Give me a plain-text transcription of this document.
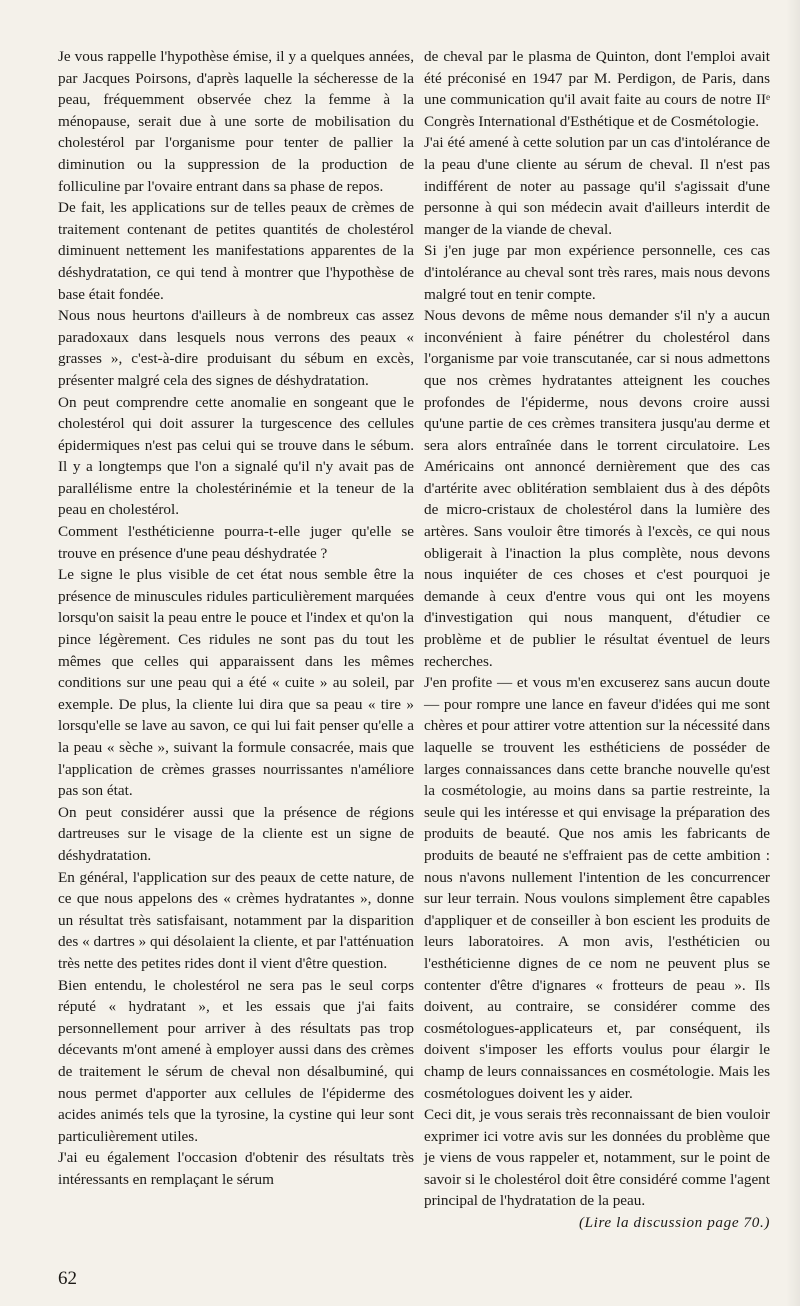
Je vous rappelle l'hypothèse émise, il y a quelques années, par Jacques Poirsons, d'après laquelle la sécheresse de la peau, fréquemment observée chez la femme à la ménopause, serait due à une sorte de mobilisation du cholestérol par l'organisme pour tenter de pallier la diminution ou la suppression de la production de folliculine par l'ovaire entrant dans sa phase de repos.

De fait, les applications sur de telles peaux de crèmes de traitement contenant de petites quantités de cholestérol diminuent nettement les manifestations apparentes de la déshydratation, ce qui tend à montrer que l'hypothèse de base était fondée.

Nous nous heurtons d'ailleurs à de nombreux cas assez paradoxaux dans lesquels nous verrons des peaux « grasses », c'est-à-dire produisant du sébum en excès, présenter malgré cela des signes de déshydratation.

On peut comprendre cette anomalie en songeant que le cholestérol qui doit assurer la turgescence des cellules épidermiques n'est pas celui qui se trouve dans le sébum. Il y a longtemps que l'on a signalé qu'il n'y avait pas de parallélisme entre la cholestérinémie et la teneur de la peau en cholestérol.

Comment l'esthéticienne pourra-t-elle juger qu'elle se trouve en présence d'une peau déshydratée ?

Le signe le plus visible de cet état nous semble être la présence de minuscules ridules particulièrement marquées lorsqu'on saisit la peau entre le pouce et l'index et qu'on la pince légèrement. Ces ridules ne sont pas du tout les mêmes que celles qui apparaissent dans les mêmes conditions sur une peau qui a été « cuite » au soleil, par exemple. De plus, la cliente lui dira que sa peau « tire » lorsqu'elle se lave au savon, ce qui lui fait penser qu'elle a la peau « sèche », suivant la formule consacrée, mais que l'application de crèmes grasses nourrissantes n'améliore pas son état.

On peut considérer aussi que la présence de régions dartreuses sur le visage de la cliente est un signe de déshydratation.

En général, l'application sur des peaux de cette nature, de ce que nous appelons des « crèmes hydratantes », donne un résultat très satisfaisant, notamment par la disparition des « dartres » qui désolaient la cliente, et par l'atténuation très nette des petites rides dont il vient d'être question.

Bien entendu, le cholestérol ne sera pas le seul corps réputé « hydratant », et les essais que j'ai faits personnellement pour arriver à des résultats pas trop décevants m'ont amené à employer aussi dans des crèmes de traitement le sérum de cheval non désalbuminé, qui nous permet d'apporter aux cellules de l'épiderme des acides animés tels que la tyrosine, la cystine qui leur sont particulièrement utiles.

J'ai eu également l'occasion d'obtenir des résultats très intéressants en remplaçant le sérum

de cheval par le plasma de Quinton, dont l'emploi avait été préconisé en 1947 par M. Perdigon, de Paris, dans une communication qu'il avait faite au cours de notre IIᵉ Congrès International d'Esthétique et de Cosmétologie.

J'ai été amené à cette solution par un cas d'intolérance de la peau d'une cliente au sérum de cheval. Il n'est pas indifférent de noter au passage qu'il s'agissait d'une personne à qui son médecin avait d'ailleurs interdit de manger de la viande de cheval.

Si j'en juge par mon expérience personnelle, ces cas d'intolérance au cheval sont très rares, mais nous devons malgré tout en tenir compte.

Nous devons de même nous demander s'il n'y a aucun inconvénient à faire pénétrer du cholestérol dans l'organisme par voie transcutanée, car si nous admettons que nos crèmes hydratantes atteignent les couches profondes de l'épiderme, nous devons croire aussi qu'une partie de ces crèmes transitera jusqu'au derme et sera alors entraînée dans le torrent circulatoire. Les Américains ont annoncé dernièrement que des cas d'artérite avec oblitération semblaient dus à des dépôts de micro-cristaux de cholestérol dans la lumière des artères. Sans vouloir être timorés à l'excès, ce qui nous obligerait à l'inaction la plus complète, nous devons nous inquiéter de ces choses et c'est pourquoi je demande à ceux d'entre vous qui ont les moyens d'investigation qui nous manquent, d'étudier ce problème et de publier le résultat éventuel de leurs recherches.

J'en profite — et vous m'en excuserez sans aucun doute — pour rompre une lance en faveur d'idées qui me sont chères et pour attirer votre attention sur la nécessité dans laquelle se trouvent les esthéticiens de posséder de larges connaissances dans cette branche nouvelle qu'est la cosmétologie, au moins dans sa partie restreinte, la seule qui les intéresse et qui envisage la préparation des produits de beauté. Que nos amis les fabricants de produits de beauté ne s'effraient pas de cette ambition : nous n'avons nullement l'intention de les concurrencer sur leur terrain. Nous voulons simplement être capables d'appliquer et de conseiller à bon escient les produits de leurs laboratoires. A mon avis, l'esthéticien ou l'esthéticienne dignes de ce nom ne peuvent plus se contenter d'être d'ignares « frotteurs de peau ». Ils doivent, au contraire, se considérer comme des cosmétologues-applicateurs et, par conséquent, ils doivent s'imposer les efforts voulus pour élargir le champ de leurs connaissances en cosmétologie. Mais les cosmétologues doivent les y aider.

Ceci dit, je vous serais très reconnaissant de bien vouloir exprimer ici votre avis sur les données du problème que je viens de vous rappeler et, notamment, sur le point de savoir si le cholestérol doit être considéré comme l'agent principal de l'hydratation de la peau.

(Lire la discussion page 70.)

62
